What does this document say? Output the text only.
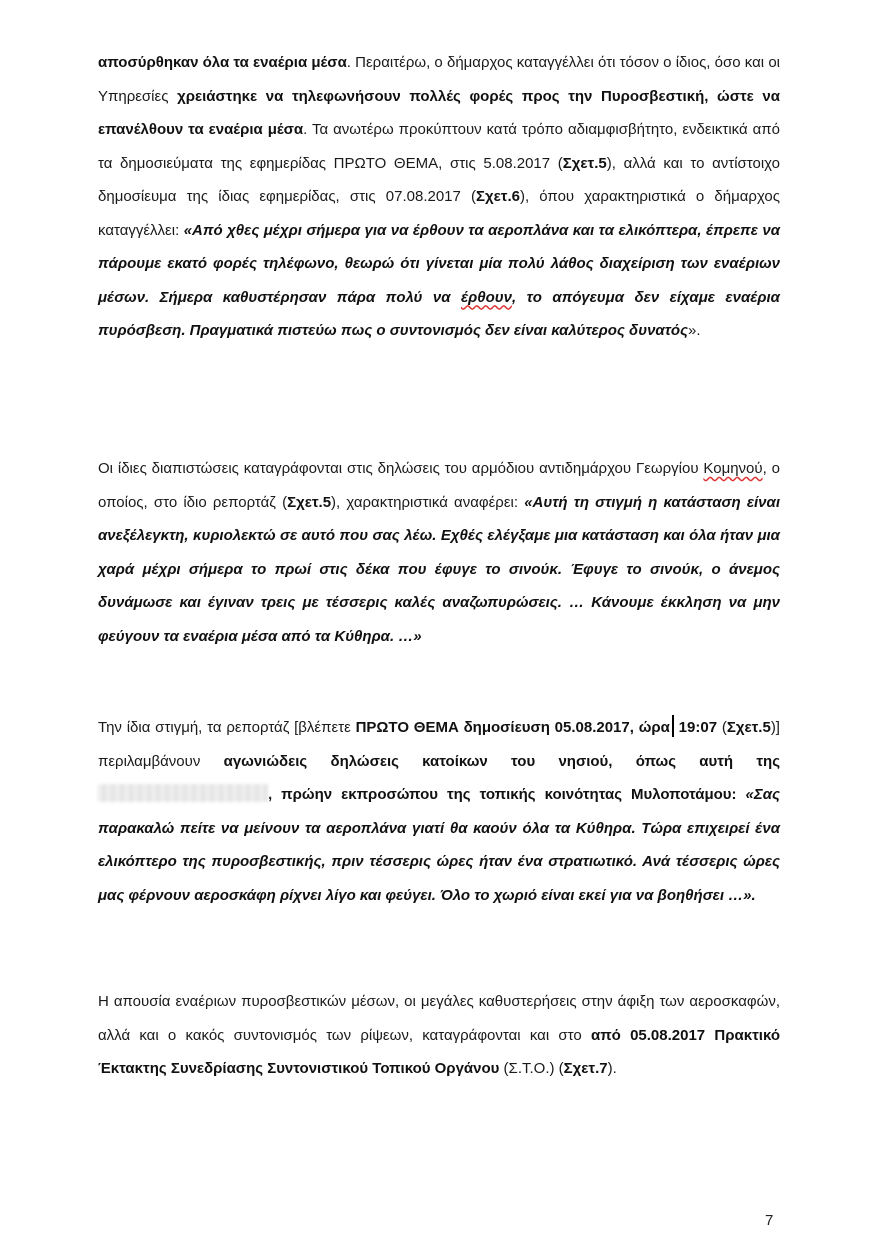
αποσύρθηκαν όλα τα εναέρια μέσα. Περαιτέρω, ο δήμαρχος καταγγέλλει ότι τόσον ο ίδιος, όσο και οι Υπηρεσίες χρειάστηκε να τηλεφωνήσουν πολλές φορές προς την Πυροσβεστική, ώστε να επανέλθουν τα εναέρια μέσα. Τα ανωτέρω προκύπτουν κατά τρόπο αδιαμφισβήτητο, ενδεικτικά από τα δημοσιεύματα της εφημερίδας ΠΡΩΤΟ ΘΕΜΑ, στις 5.08.2017 (Σχετ.5), αλλά και το αντίστοιχο δημοσίευμα της ίδιας εφημερίδας, στις 07.08.2017 (Σχετ.6), όπου χαρακτηριστικά ο δήμαρχος καταγγέλλει: «Από χθες μέχρι σήμερα για να έρθουν τα αεροπλάνα και τα ελικόπτερα, έπρεπε να πάρουμε εκατό φορές τηλέφωνο, θεωρώ ότι γίνεται μία πολύ λάθος διαχείριση των εναέριων μέσων. Σήμερα καθυστέρησαν πάρα πολύ να έρθουν, το απόγευμα δεν είχαμε εναέρια πυρόσβεση. Πραγματικά πιστεύω πως ο συντονισμός δεν είναι καλύτερος δυνατός».

Οι ίδιες διαπιστώσεις καταγράφονται στις δηλώσεις του αρμόδιου αντιδημάρχου Γεωργίου Κομηνού, ο οποίος, στο ίδιο ρεπορτάζ (Σχετ.5), χαρακτηριστικά αναφέρει: «Αυτή τη στιγμή η κατάσταση είναι ανεξέλεγκτη, κυριολεκτώ σε αυτό που σας λέω. Εχθές ελέγξαμε μια κατάσταση και όλα ήταν μια χαρά μέχρι σήμερα το πρωί στις δέκα που έφυγε το σινούκ. Έφυγε το σινούκ, ο άνεμος δυνάμωσε και έγιναν τρεις με τέσσερις καλές αναζωπυρώσεις. … Κάνουμε έκκληση να μην φεύγουν τα εναέρια μέσα από τα Κύθηρα. …»

Την ίδια στιγμή, τα ρεπορτάζ [βλέπετε ΠΡΩΤΟ ΘΕΜΑ δημοσίευση 05.08.2017, ώρα 19:07 (Σχετ.5)] περιλαμβάνουν αγωνιώδεις δηλώσεις κατοίκων του νησιού, όπως αυτή της , πρώην εκπροσώπου της τοπικής κοινότητας Μυλοποτάμου: «Σας παρακαλώ πείτε να μείνουν τα αεροπλάνα γιατί θα καούν όλα τα Κύθηρα. Τώρα επιχειρεί ένα ελικόπτερο της πυροσβεστικής, πριν τέσσερις ώρες ήταν ένα στρατιωτικό. Ανά τέσσερις ώρες μας φέρνουν αεροσκάφη ρίχνει λίγο και φεύγει. Όλο το χωριό είναι εκεί για να βοηθήσει …».

Η απουσία εναέριων πυροσβεστικών μέσων, οι μεγάλες καθυστερήσεις στην άφιξη των αεροσκαφών, αλλά και ο κακός συντονισμός των ρίψεων, καταγράφονται και στο από 05.08.2017 Πρακτικό Έκτακτης Συνεδρίασης Συντονιστικού Τοπικού Οργάνου (Σ.Τ.Ο.) (Σχετ.7).

7
